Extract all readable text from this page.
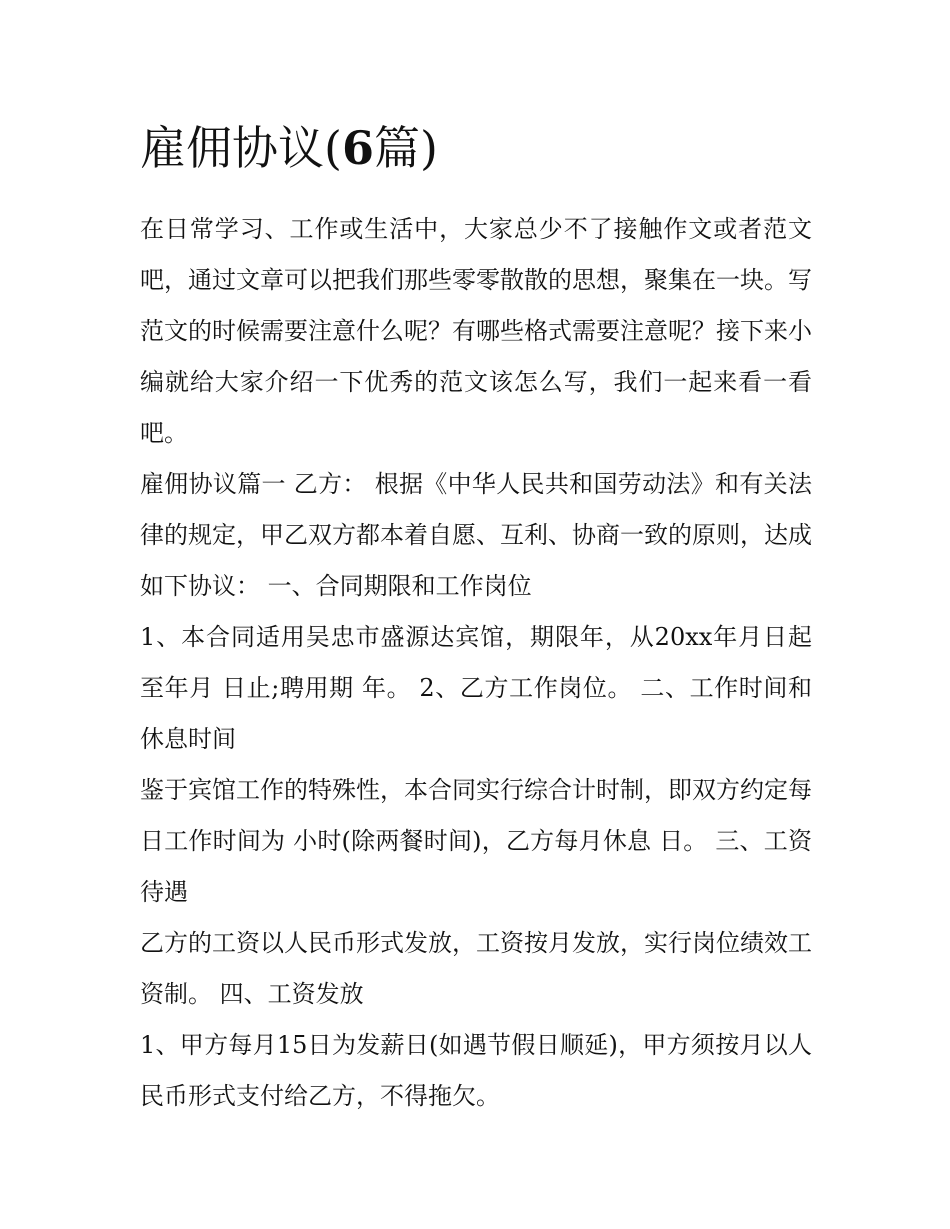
雇佣协议(6篇)

在日常学习、工作或生活中，大家总少不了接触作文或者范文吧，通过文章可以把我们那些零零散散的思想，聚集在一块。写范文的时候需要注意什么呢？有哪些格式需要注意呢？接下来小编就给大家介绍一下优秀的范文该怎么写，我们一起来看一看吧。

雇佣协议篇一 乙方： 根据《中华人民共和国劳动法》和有关法律的规定，甲乙双方都本着自愿、互利、协商一致的原则，达成如下协议： 一、合同期限和工作岗位

1、本合同适用吴忠市盛源达宾馆，期限年，从20xx年月日起至年月 日止;聘用期 年。 2、乙方工作岗位。 二、工作时间和休息时间

鉴于宾馆工作的特殊性，本合同实行综合计时制，即双方约定每日工作时间为 小时(除两餐时间)，乙方每月休息 日。 三、工资待遇

乙方的工资以人民币形式发放，工资按月发放，实行岗位绩效工资制。 四、工资发放

1、甲方每月15日为发薪日(如遇节假日顺延)，甲方须按月以人民币形式支付给乙方，不得拖欠。
